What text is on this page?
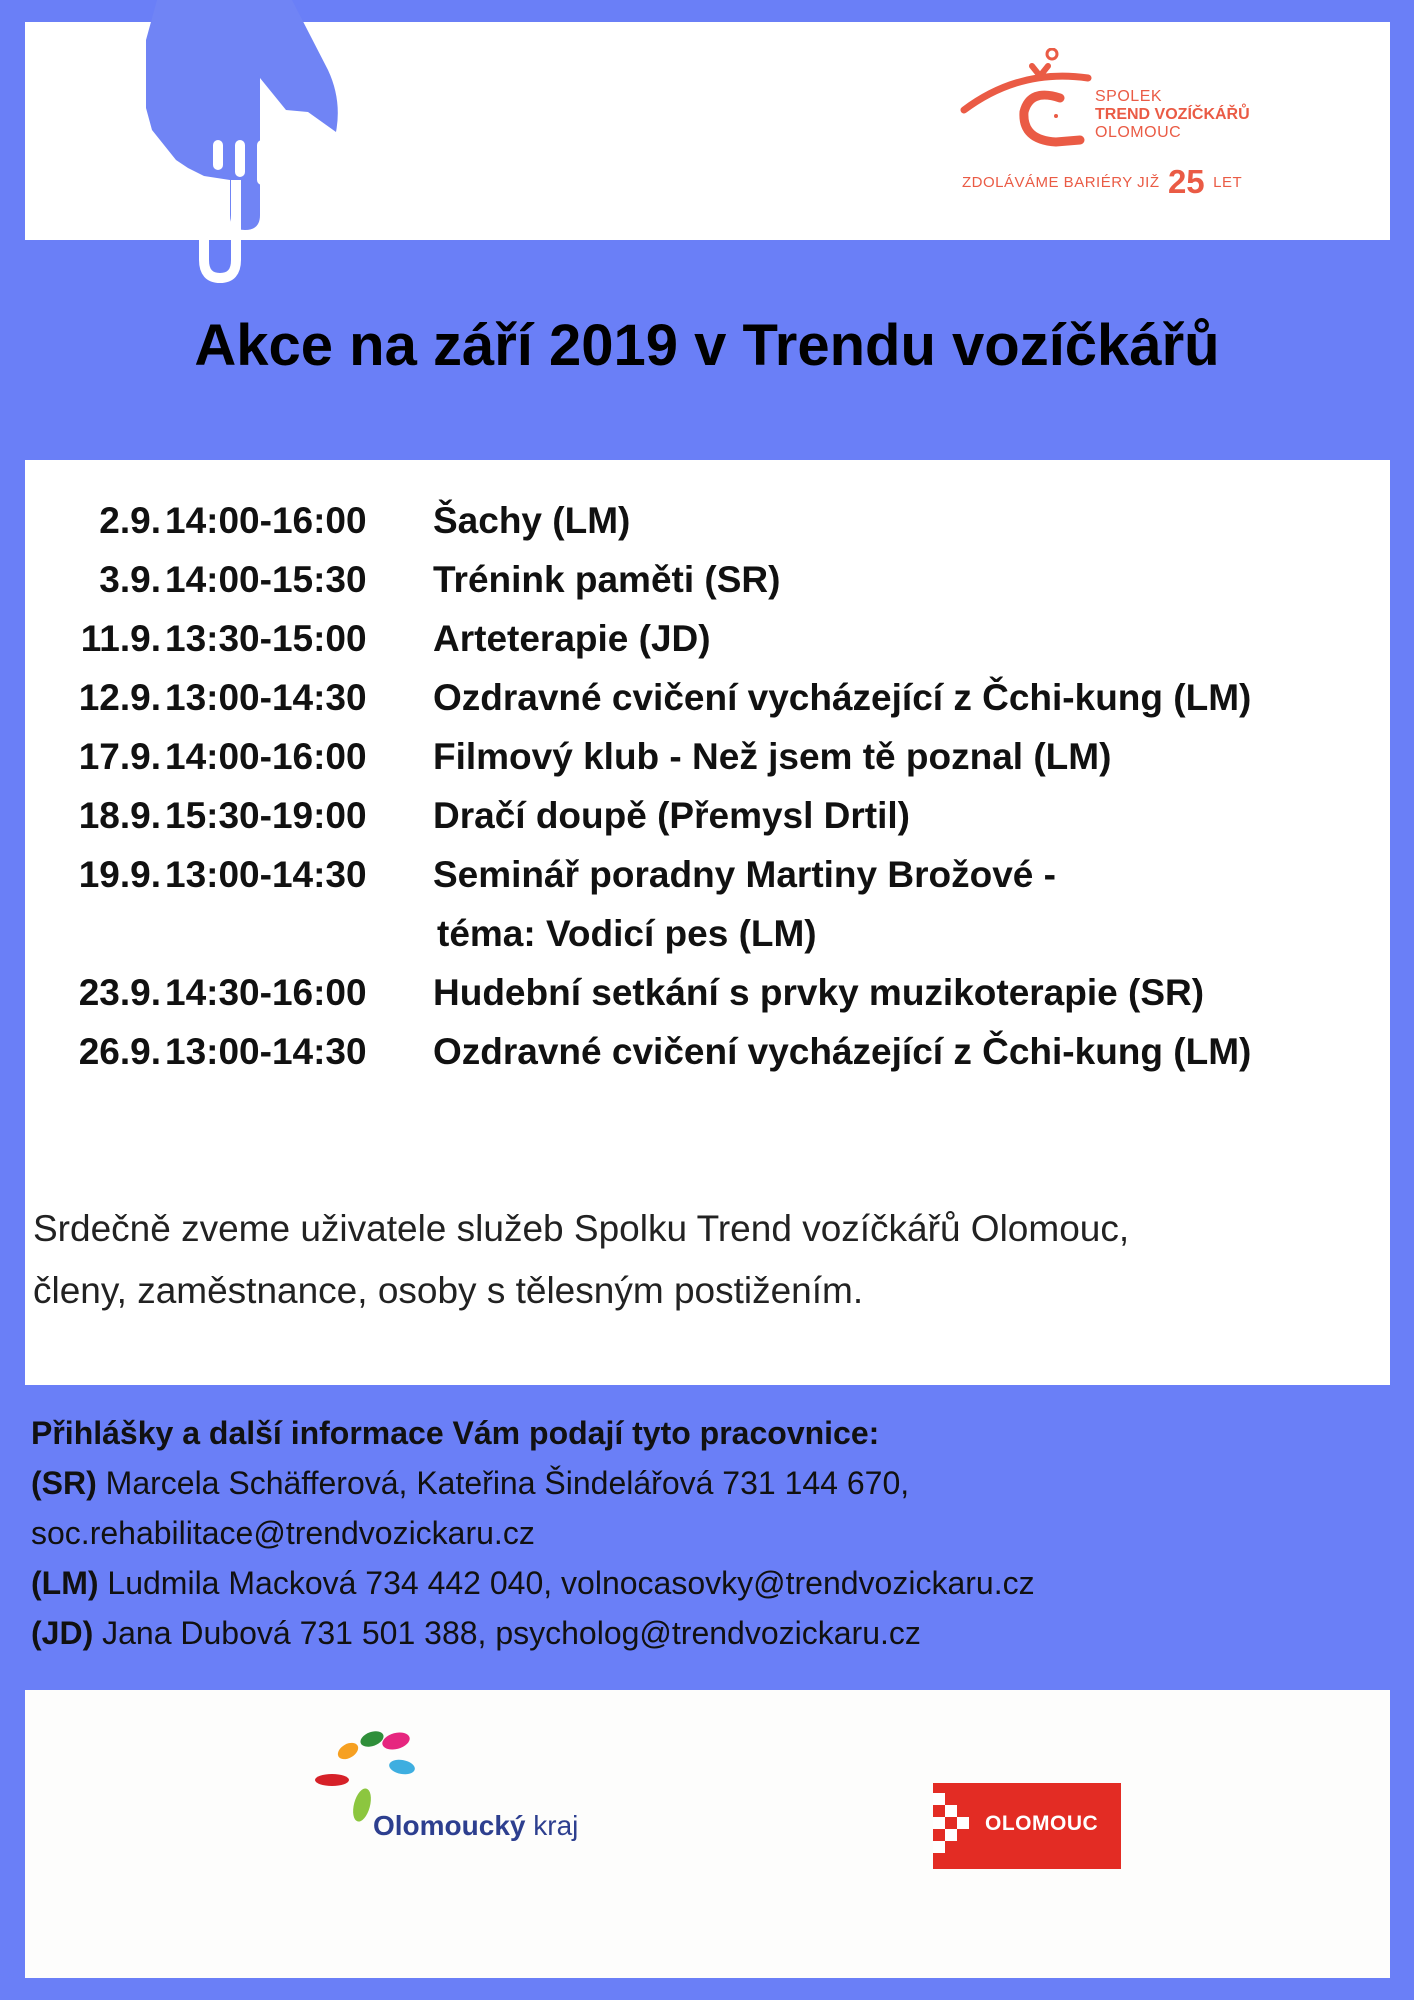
SPOLEK
TREND VOZÍČKÁŘŮ
OLOMOUC
ZDOLÁVÁME BARIÉRY JIŽ 25 LET
Akce na září 2019 v Trendu vozíčkářů
2.9. 14:00-16:00 Šachy (LM)
3.9. 14:00-15:30 Trénink paměti (SR)
11.9. 13:30-15:00 Arteterapie (JD)
12.9. 13:00-14:30 Ozdravné cvičení vycházející z Čchi-kung (LM)
17.9. 14:00-16:00 Filmový klub - Než jsem tě poznal (LM)
18.9. 15:30-19:00 Dračí doupě (Přemysl Drtil)
19.9. 13:00-14:30 Seminář poradny Martiny Brožové -
téma: Vodicí pes (LM)
23.9. 14:30-16:00 Hudební setkání s prvky muzikoterapie (SR)
26.9. 13:00-14:30 Ozdravné cvičení vycházející z Čchi-kung (LM)
Srdečně zveme uživatele služeb Spolku Trend vozíčkářů Olomouc,
členy, zaměstnance, osoby s tělesným postižením.
Přihlášky a další informace Vám podají tyto pracovnice:
(SR) Marcela Schäfferová, Kateřina Šindelářová 731 144 670,
soc.rehabilitace@trendvozickaru.cz
(LM) Ludmila Macková 734 442 040, volnocasovky@trendvozickaru.cz
(JD) Jana Dubová 731 501 388, psycholog@trendvozickaru.cz
Olomoucký kraj	OLOMOUC
